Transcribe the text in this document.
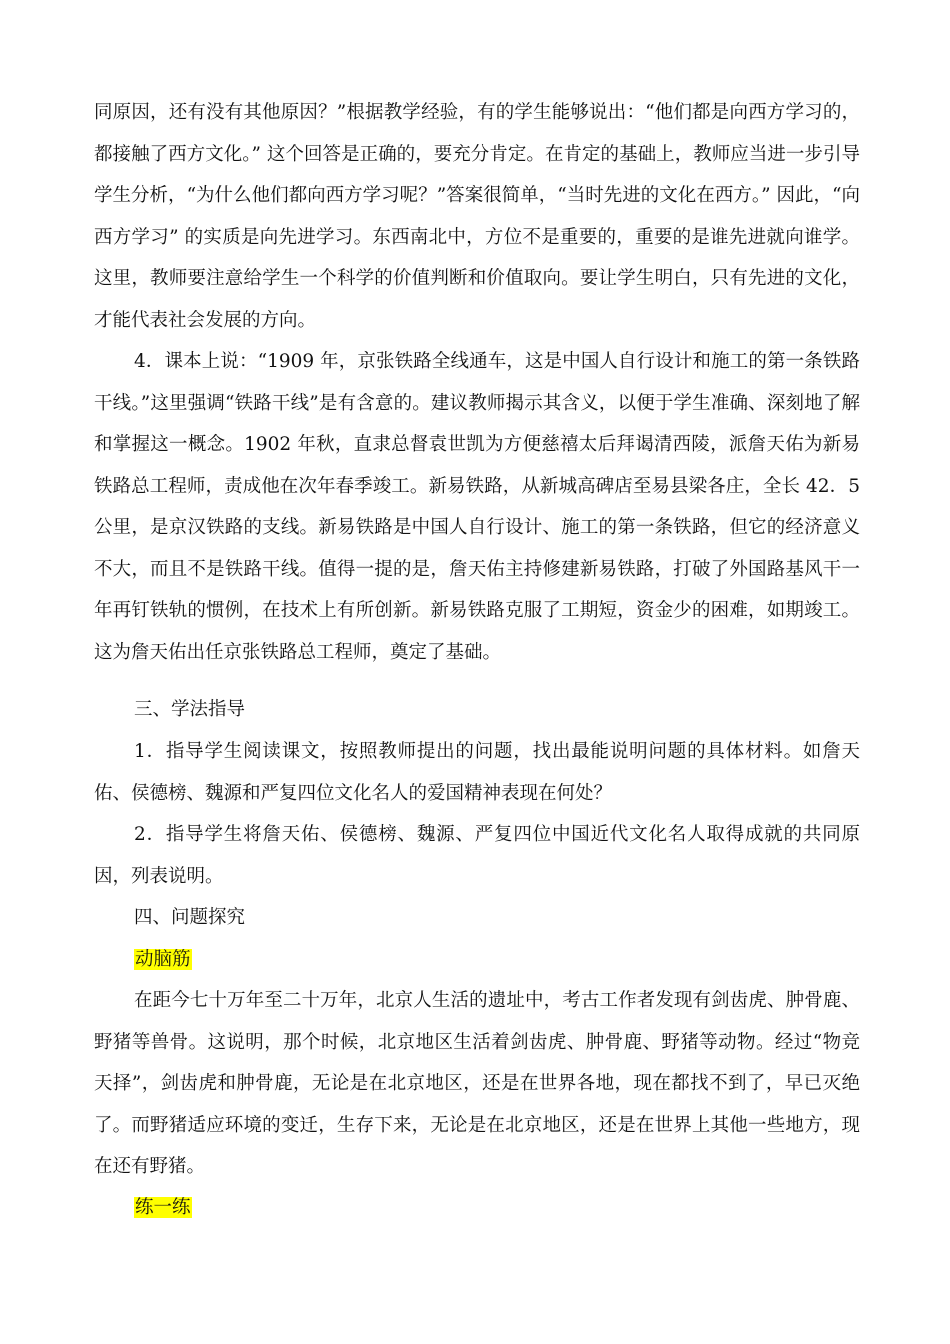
同原因，还有没有其他原因？”根据教学经验，有的学生能够说出：“他们都是向西方学习的，都接触了西方文化。” 这个回答是正确的，要充分肯定。在肯定的基础上，教师应当进一步引导学生分析，“为什么他们都向西方学习呢？”答案很简单，“当时先进的文化在西方。” 因此，“向西方学习” 的实质是向先进学习。东西南北中，方位不是重要的，重要的是谁先进就向谁学。这里，教师要注意给学生一个科学的价值判断和价值取向。要让学生明白，只有先进的文化，才能代表社会发展的方向。

4．课本上说：“1909 年，京张铁路全线通车，这是中国人自行设计和施工的第一条铁路干线。”这里强调“铁路干线”是有含意的。建议教师揭示其含义，以便于学生准确、深刻地了解和掌握这一概念。1902 年秋，直隶总督袁世凯为方便慈禧太后拜谒清西陵，派詹天佑为新易铁路总工程师，责成他在次年春季竣工。新易铁路，从新城高碑店至易县梁各庄，全长 42．5 公里，是京汉铁路的支线。新易铁路是中国人自行设计、施工的第一条铁路，但它的经济意义不大，而且不是铁路干线。值得一提的是，詹天佑主持修建新易铁路，打破了外国路基风干一年再钉铁轨的惯例，在技术上有所创新。新易铁路克服了工期短，资金少的困难，如期竣工。这为詹天佑出任京张铁路总工程师，奠定了基础。

三、学法指导

1．指导学生阅读课文，按照教师提出的问题，找出最能说明问题的具体材料。如詹天佑、侯德榜、魏源和严复四位文化名人的爱国精神表现在何处？

2．指导学生将詹天佑、侯德榜、魏源、严复四位中国近代文化名人取得成就的共同原因，列表说明。

四、问题探究

动脑筋

在距今七十万年至二十万年，北京人生活的遗址中，考古工作者发现有剑齿虎、肿骨鹿、野猪等兽骨。这说明，那个时候，北京地区生活着剑齿虎、肿骨鹿、野猪等动物。经过“物竞天择”，剑齿虎和肿骨鹿，无论是在北京地区，还是在世界各地，现在都找不到了，早已灭绝了。而野猪适应环境的变迁，生存下来，无论是在北京地区，还是在世界上其他一些地方，现在还有野猪。

练一练
